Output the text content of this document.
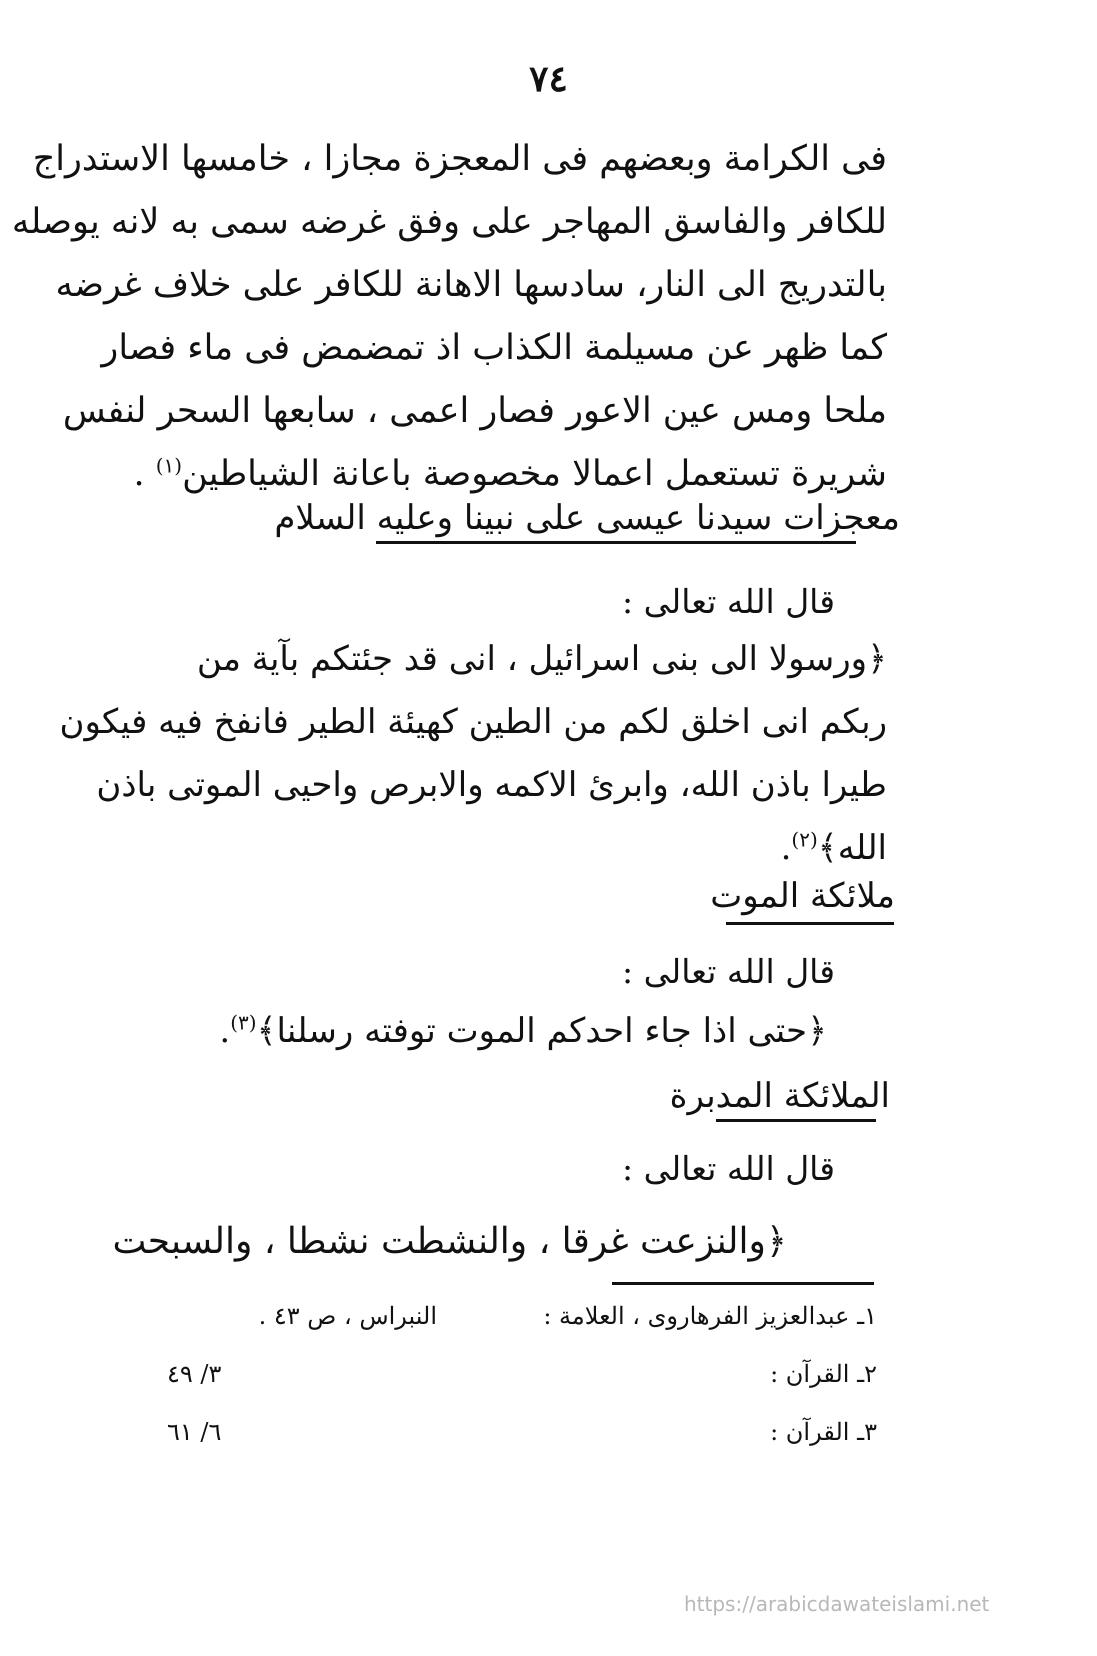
٧٤

فی الکرامة وبعضهم فی المعجزة مجازا ، خامسها الاستدراج

للکافر والفاسق المهاجر علی وفق غرضه سمی به لانه یوصله

بالتدریج الی النار، سادسها الاهانة للکافر علی خلاف غرضه

کما ظهر عن مسیلمة الکذاب اذ تمضمض فی ماء فصار

ملحا ومس عین الاعور فصار اعمی ، سابعها السحر لنفس

شریرة تستعمل اعمالا مخصوصة باعانة الشیاطین$^{(١)}$ .

معجزات سیدنا عیسی علی نبینا وعلیه السلام
قال الله تعالی :

﴿ورسولا الی بنی اسرائیل ، انی قد جئتکم بآیة من

ربکم انی اخلق لکم من الطین کهیئة الطیر فانفخ فیه فیکون

طیرا باذن الله، وابرئ الاکمه والابرص واحیی الموتی باذن

الله﴾$^{(٢)}$.

ملائکة الموت
قال الله تعالی :

﴿حتی اذا جاء احدکم الموت توفته رسلنا﴾$^{(٣)}$.

الملائکة المدبرة
قال الله تعالی :

﴿والنزعت غرقا ، والنشطت نشطا ، والسبحت

١ـ عبدالعزیز الفرهاروی ، العلامة :
النبراس ، ص ٤٣ .
٢ـ القرآن :
٣/ ٤٩
٣ـ القرآن :
٦/ ٦١
https://arabicdawateislami.net
